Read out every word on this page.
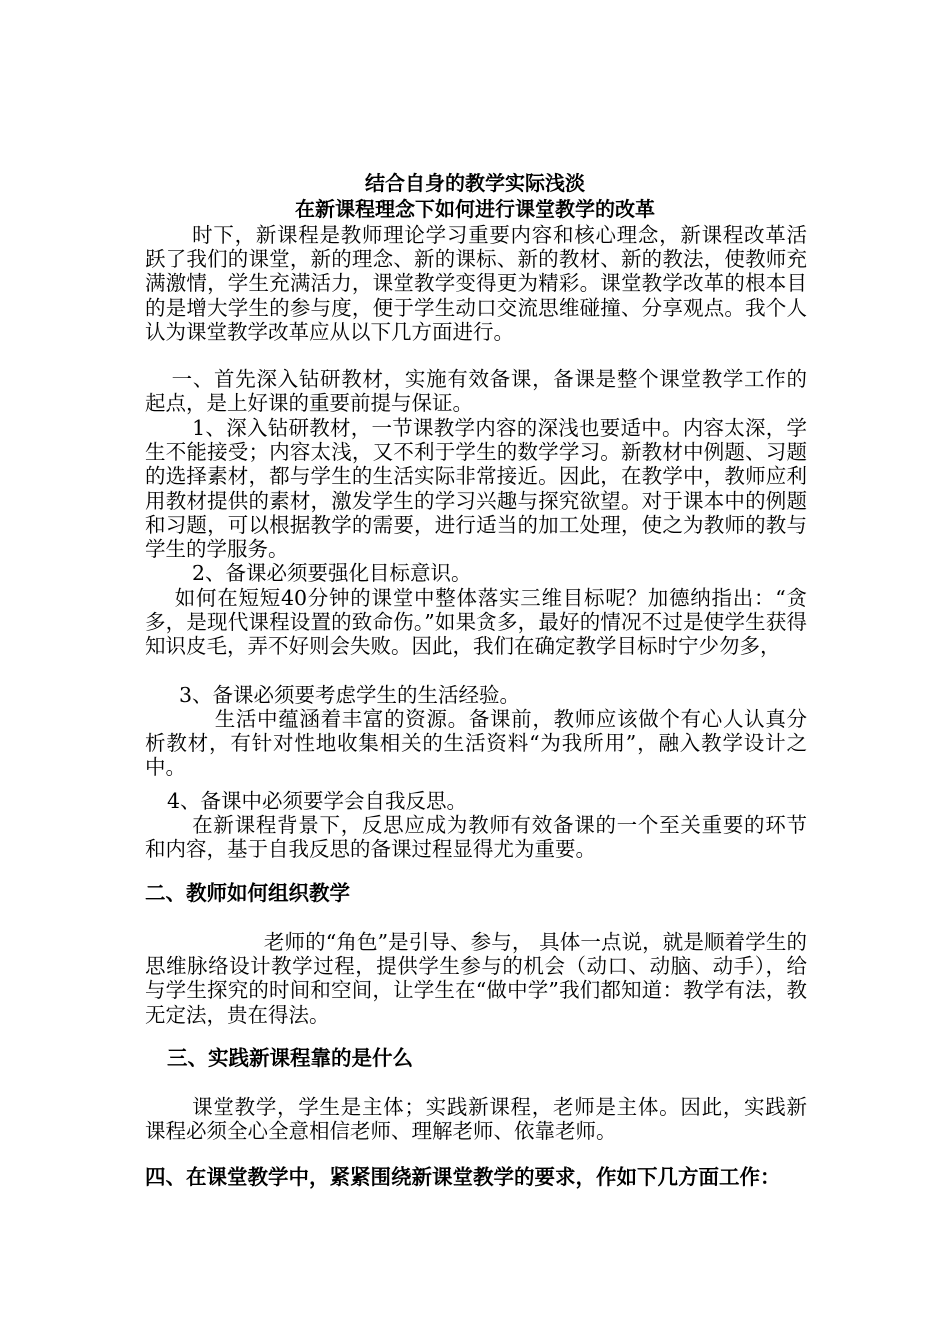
结合自身的教学实际浅淡
在新课程理念下如何进行课堂教学的改革

时下，新课程是教师理论学习重要内容和核心理念，新课程改革活跃了我们的课堂，新的理念、新的课标、新的教材、新的教法，使教师充满激情，学生充满活力，课堂教学变得更为精彩。课堂教学改革的根本目的是增大学生的参与度，便于学生动口交流思维碰撞、分享观点。我个人认为课堂教学改革应从以下几方面进行。

一、首先深入钻研教材，实施有效备课，备课是整个课堂教学工作的起点，是上好课的重要前提与保证。

1、深入钻研教材，一节课教学内容的深浅也要适中。内容太深，学生不能接受；内容太浅，又不利于学生的数学学习。新教材中例题、习题的选择素材，都与学生的生活实际非常接近。因此，在教学中，教师应利用教材提供的素材，激发学生的学习兴趣与探究欲望。对于课本中的例题和习题，可以根据教学的需要，进行适当的加工处理，使之为教师的教与学生的学服务。

2、备课必须要强化目标意识。

如何在短短40分钟的课堂中整体落实三维目标呢？加德纳指出：“贪多，是现代课程设置的致命伤。”如果贪多，最好的情况不过是使学生获得知识皮毛，弄不好则会失败。因此，我们在确定教学目标时宁少勿多，

3、备课必须要考虑学生的生活经验。

生活中蕴涵着丰富的资源。备课前，教师应该做个有心人认真分析教材，有针对性地收集相关的生活资料“为我所用”，融入教学设计之中。

4、备课中必须要学会自我反思。

在新课程背景下，反思应成为教师有效备课的一个至关重要的环节和内容，基于自我反思的备课过程显得尤为重要。

二、教师如何组织教学

老师的“角色”是引导、参与， 具体一点说，就是顺着学生的思维脉络设计教学过程，提供学生参与的机会（动口、动脑、动手），给与学生探究的时间和空间，让学生在“做中学”我们都知道：教学有法，教无定法，贵在得法。

三、实践新课程靠的是什么

课堂教学，学生是主体；实践新课程，老师是主体。因此，实践新课程必须全心全意相信老师、理解老师、依靠老师。

四、在课堂教学中，紧紧围绕新课堂教学的要求，作如下几方面工作：
